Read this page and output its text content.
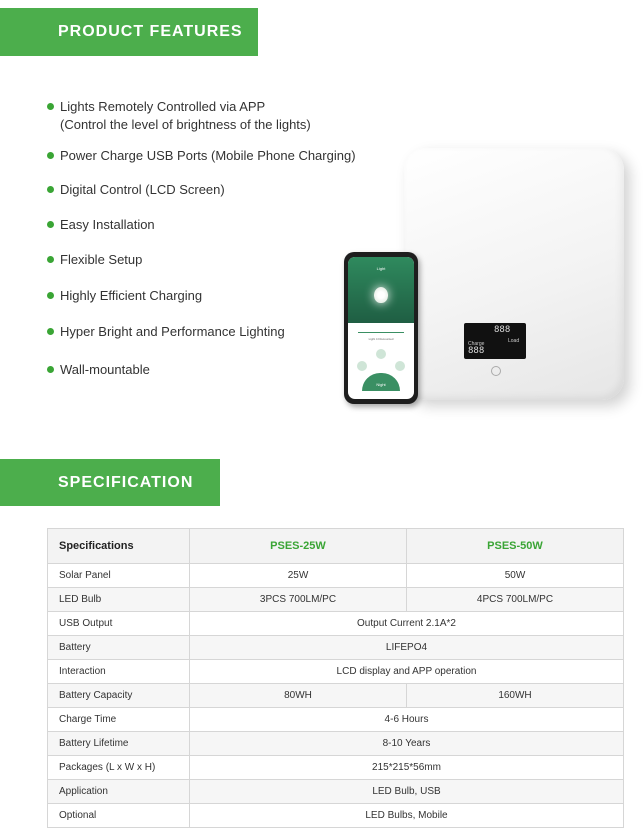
PRODUCT FEATURES
Lights Remotely Controlled via APP
(Control the level of brightness of the lights)
Power Charge USB Ports (Mobile Phone Charging)
Digital Control (LCD Screen)
Easy Installation
Flexible Setup
Highly Efficient Charging
Hyper Bright and Performance Lighting
Wall-mountable
888
Load
Charge
888
Light
Light 4 Discounted
Night
SPECIFICATION
Specifications	PSES-25W	PSES-50W
Solar Panel	25W	50W
LED Bulb	3PCS 700LM/PC	4PCS 700LM/PC
USB Output	Output Current 2.1A*2	
Battery	LIFEPO4	
Interaction	LCD display and APP operation	
Battery Capacity	80WH	160WH
Charge Time	4-6 Hours	
Battery Lifetime	8-10 Years	
Packages (L x W x H)	215*215*56mm	
Application	LED Bulb, USB	
Optional	LED Bulbs, Mobile	
